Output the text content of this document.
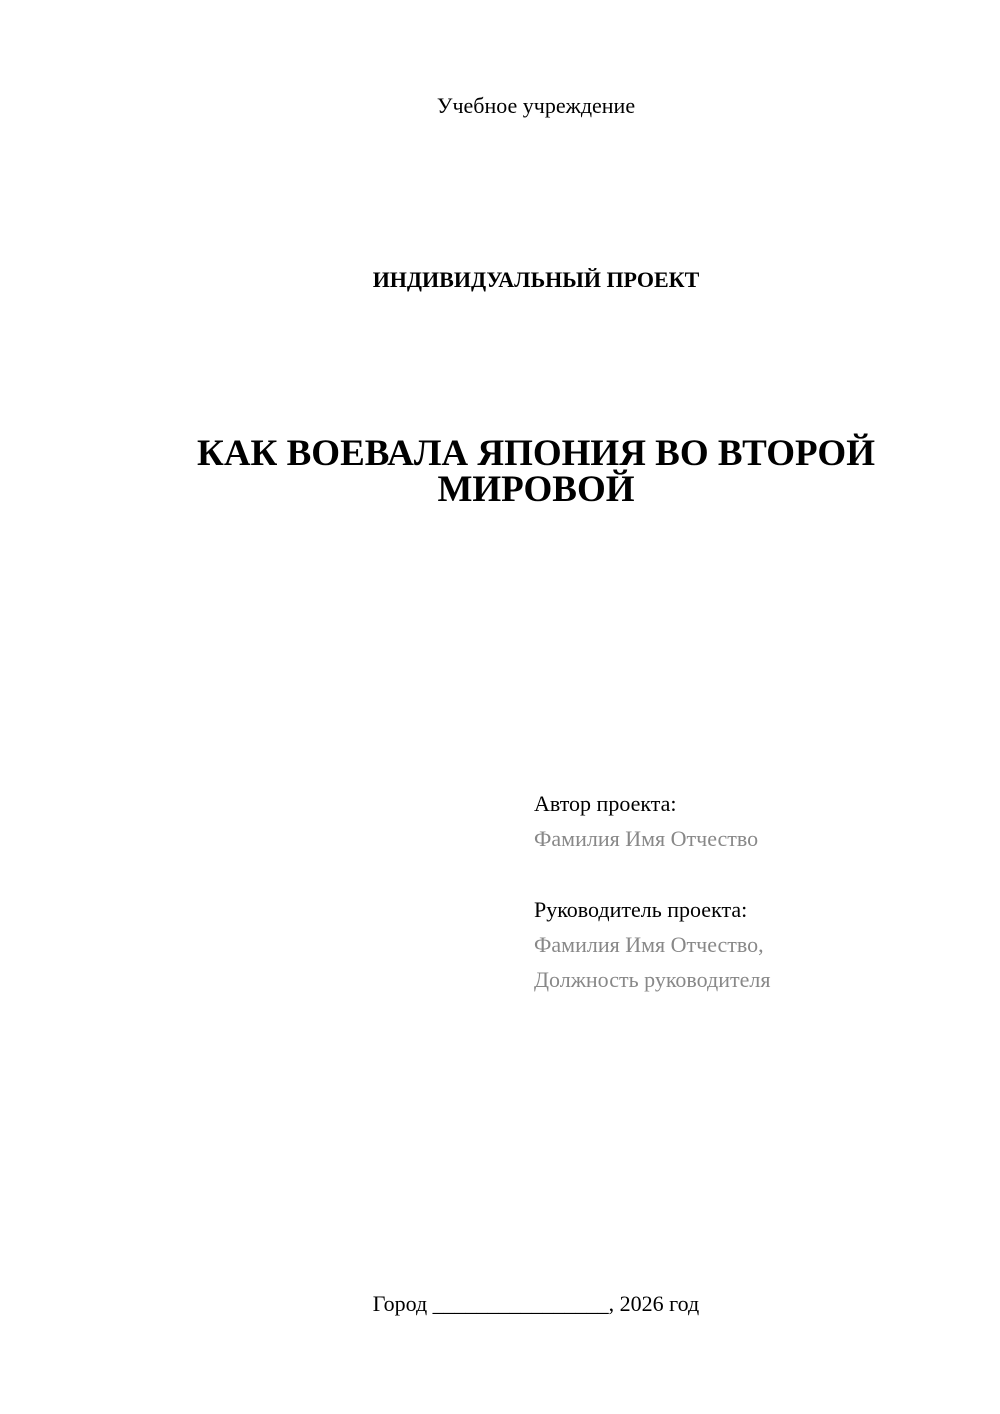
Учебное учреждение
ИНДИВИДУАЛЬНЫЙ ПРОЕКТ
КАК ВОЕВАЛА ЯПОНИЯ ВО ВТОРОЙ
МИРОВОЙ
Автор проекта:
Фамилия Имя Отчество
Руководитель проекта:
Фамилия Имя Отчество,
Должность руководителя
Город ________________, 2026 год
